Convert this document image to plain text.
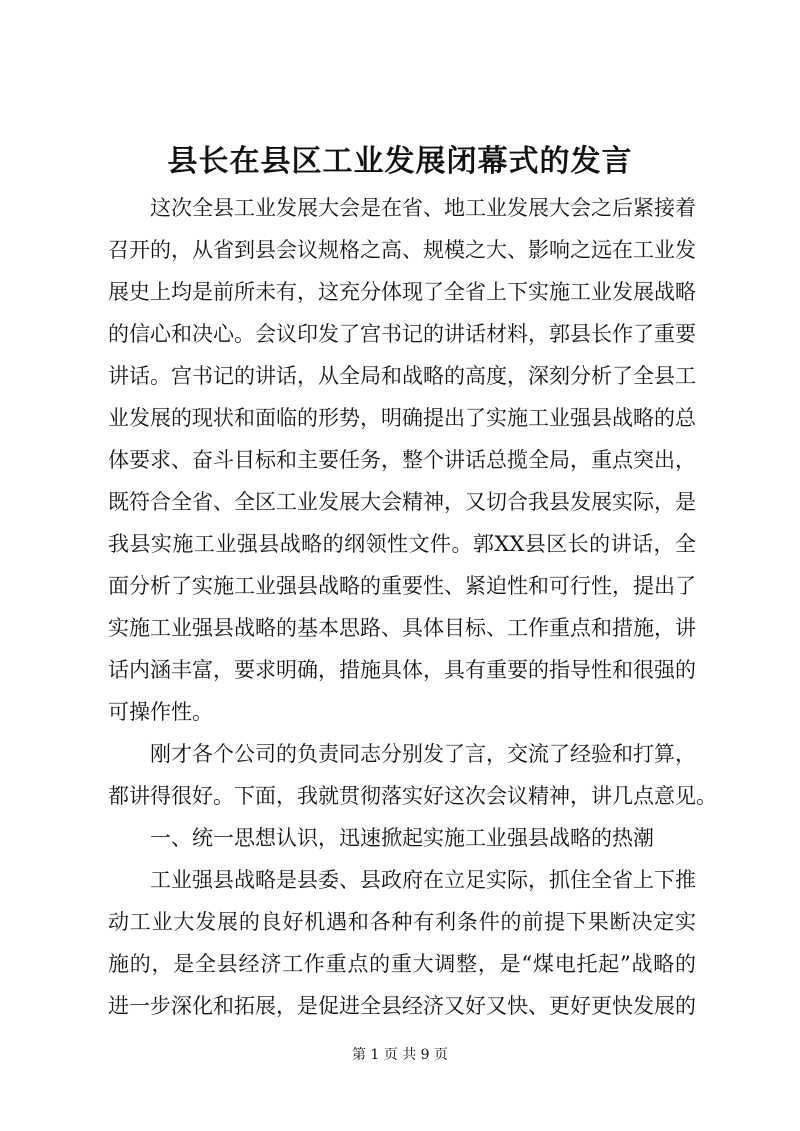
县长在县区工业发展闭幕式的发言
这次全县工业发展大会是在省、地工业发展大会之后紧接着
召开的，从省到县会议规格之高、规模之大、影响之远在工业发
展史上均是前所未有，这充分体现了全省上下实施工业发展战略
的信心和决心。会议印发了宫书记的讲话材料，郭县长作了重要
讲话。宫书记的讲话，从全局和战略的高度，深刻分析了全县工
业发展的现状和面临的形势，明确提出了实施工业强县战略的总
体要求、奋斗目标和主要任务，整个讲话总揽全局，重点突出，
既符合全省、全区工业发展大会精神，又切合我县发展实际，是
我县实施工业强县战略的纲领性文件。郭XX县区长的讲话，全
面分析了实施工业强县战略的重要性、紧迫性和可行性，提出了
实施工业强县战略的基本思路、具体目标、工作重点和措施，讲
话内涵丰富，要求明确，措施具体，具有重要的指导性和很强的
可操作性。
刚才各个公司的负责同志分别发了言，交流了经验和打算，
都讲得很好。下面，我就贯彻落实好这次会议精神，讲几点意见。
一、统一思想认识，迅速掀起实施工业强县战略的热潮
工业强县战略是县委、县政府在立足实际，抓住全省上下推
动工业大发展的良好机遇和各种有利条件的前提下果断决定实
施的，是全县经济工作重点的重大调整，是“煤电托起”战略的
进一步深化和拓展，是促进全县经济又好又快、更好更快发展的
第 1 页 共 9 页
